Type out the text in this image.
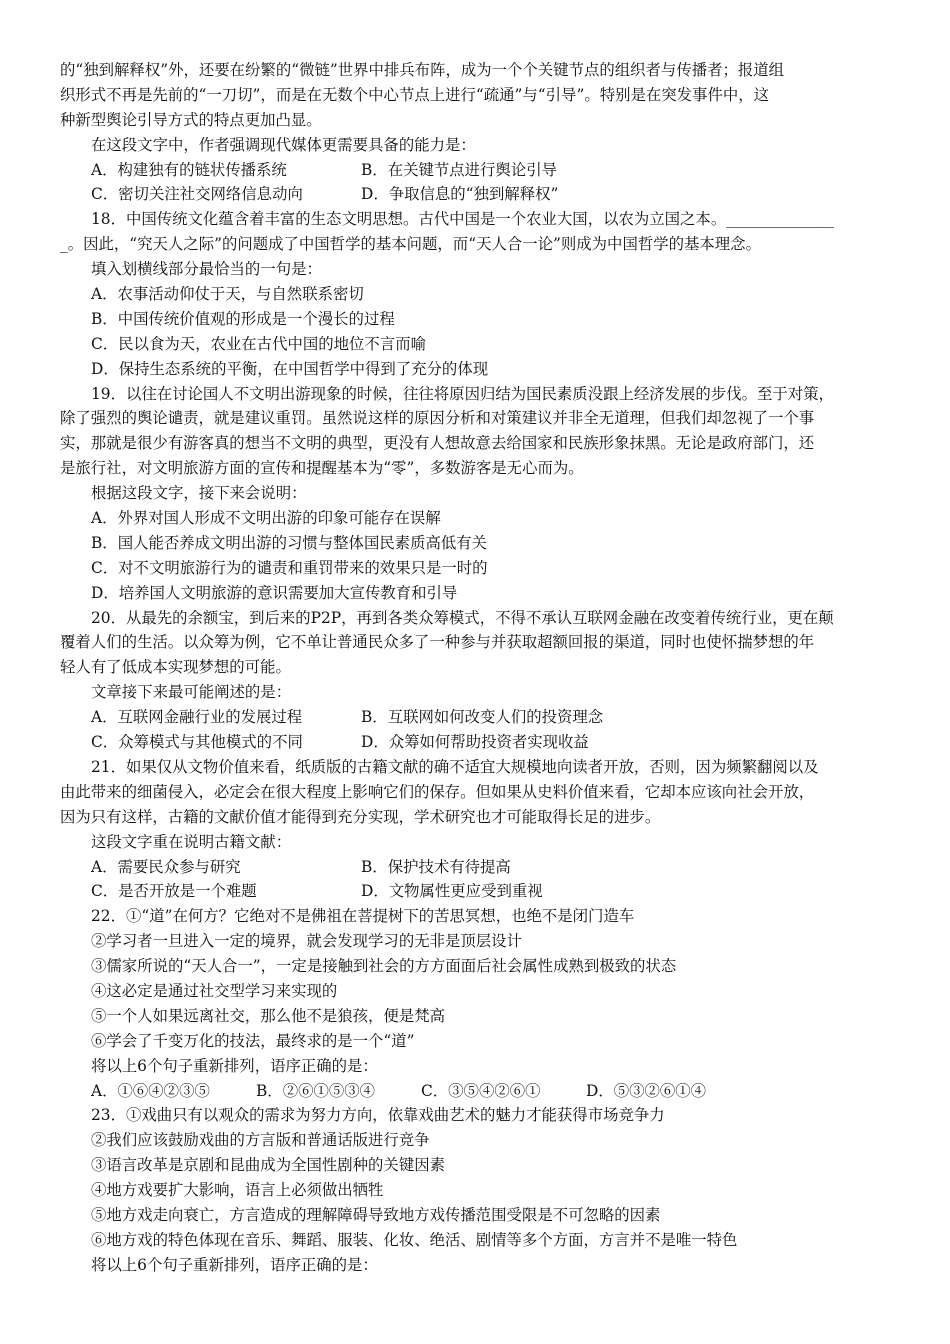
的“独到解释权”外，还要在纷繁的“微链”世界中排兵布阵，成为一个个关键节点的组织者与传播者；报道组
织形式不再是先前的“一刀切”，而是在无数个中心节点上进行“疏通”与“引导”。特别是在突发事件中，这
种新型舆论引导方式的特点更加凸显。
在这段文字中，作者强调现代媒体更需要具备的能力是：
A．构建独有的链状传播系统	B．在关键节点进行舆论引导
C．密切关注社交网络信息动向	D．争取信息的“独到解释权”
18．中国传统文化蕴含着丰富的生态文明思想。古代中国是一个农业大国，以农为立国之本。______________
_。因此，“究天人之际”的问题成了中国哲学的基本问题，而“天人合一论”则成为中国哲学的基本理念。
填入划横线部分最恰当的一句是：
A．农事活动仰仗于天，与自然联系密切
B．中国传统价值观的形成是一个漫长的过程
C．民以食为天，农业在古代中国的地位不言而喻
D．保持生态系统的平衡，在中国哲学中得到了充分的体现
19．以往在讨论国人不文明出游现象的时候，往往将原因归结为国民素质没跟上经济发展的步伐。至于对策，
除了强烈的舆论谴责，就是建议重罚。虽然说这样的原因分析和对策建议并非全无道理，但我们却忽视了一个事
实，那就是很少有游客真的想当不文明的典型，更没有人想故意去给国家和民族形象抹黑。无论是政府部门，还
是旅行社，对文明旅游方面的宣传和提醒基本为“零”，多数游客是无心而为。
根据这段文字，接下来会说明：
A．外界对国人形成不文明出游的印象可能存在误解
B．国人能否养成文明出游的习惯与整体国民素质高低有关
C．对不文明旅游行为的谴责和重罚带来的效果只是一时的
D．培养国人文明旅游的意识需要加大宣传教育和引导
20．从最先的余额宝，到后来的P2P，再到各类众筹模式，不得不承认互联网金融在改变着传统行业，更在颠
覆着人们的生活。以众筹为例，它不单让普通民众多了一种参与并获取超额回报的渠道，同时也使怀揣梦想的年
轻人有了低成本实现梦想的可能。
文章接下来最可能阐述的是：
A．互联网金融行业的发展过程	B．互联网如何改变人们的投资理念
C．众筹模式与其他模式的不同	D．众筹如何帮助投资者实现收益
21．如果仅从文物价值来看，纸质版的古籍文献的确不适宜大规模地向读者开放，否则，因为频繁翻阅以及
由此带来的细菌侵入，必定会在很大程度上影响它们的保存。但如果从史料价值来看，它却本应该向社会开放，
因为只有这样，古籍的文献价值才能得到充分实现，学术研究也才可能取得长足的进步。
这段文字重在说明古籍文献：
A．需要民众参与研究	B．保护技术有待提高
C．是否开放是一个难题	D．文物属性更应受到重视
22．①“道”在何方？它绝对不是佛祖在菩提树下的苦思冥想，也绝不是闭门造车
②学习者一旦进入一定的境界，就会发现学习的无非是顶层设计
③儒家所说的“天人合一”，一定是接触到社会的方方面面后社会属性成熟到极致的状态
④这必定是通过社交型学习来实现的
⑤一个人如果远离社交，那么他不是狼孩，便是梵高
⑥学会了千变万化的技法，最终求的是一个“道”
将以上6个句子重新排列，语序正确的是：
A．①⑥④②③⑤	B．②⑥①⑤③④	C．③⑤④②⑥①	D．⑤③②⑥①④
23．①戏曲只有以观众的需求为努力方向，依靠戏曲艺术的魅力才能获得市场竞争力
②我们应该鼓励戏曲的方言版和普通话版进行竞争
③语言改革是京剧和昆曲成为全国性剧种的关键因素
④地方戏要扩大影响，语言上必须做出牺牲
⑤地方戏走向衰亡，方言造成的理解障碍导致地方戏传播范围受限是不可忽略的因素
⑥地方戏的特色体现在音乐、舞蹈、服装、化妆、绝活、剧情等多个方面，方言并不是唯一特色
将以上6个句子重新排列，语序正确的是：
